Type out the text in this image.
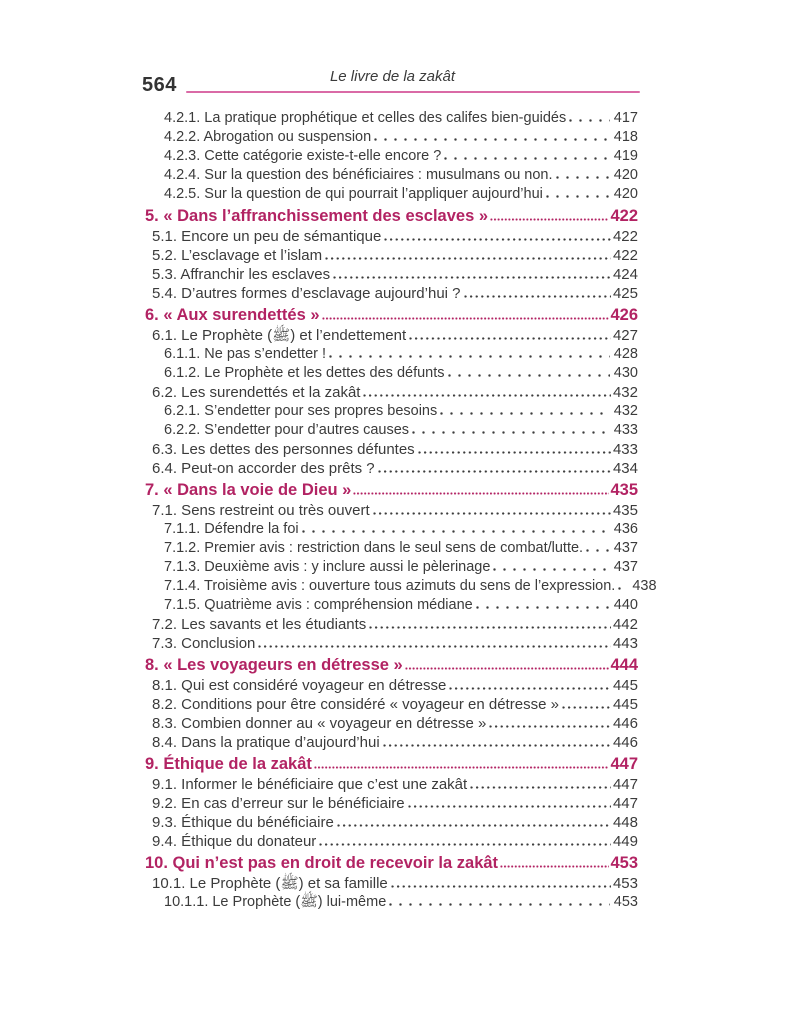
564	Le livre de la zakât
4.2.1. La pratique prophétique et celles des califes bien-guidés	417
4.2.2. Abrogation ou suspension	418
4.2.3. Cette catégorie existe-t-elle encore ?	419
4.2.4. Sur la question des bénéficiaires : musulmans ou non.	420
4.2.5. Sur la question de qui pourrait l’appliquer aujourd’hui	420
5. « Dans l’affranchissement des esclaves »	422
5.1. Encore un peu de sémantique	422
5.2. L’esclavage et l’islam	422
5.3. Affranchir les esclaves	424
5.4. D’autres formes d’esclavage aujourd’hui ?	425
6. « Aux surendettés »	426
6.1. Le Prophète (ﷺ) et l’endettement	427
6.1.1. Ne pas s’endetter !	428
6.1.2. Le Prophète et les dettes des défunts	430
6.2. Les surendettés et la zakât	432
6.2.1. S’endetter pour ses propres besoins	432
6.2.2. S’endetter pour d’autres causes	433
6.3. Les dettes des personnes défuntes	433
6.4. Peut-on accorder des prêts ?	434
7. « Dans la voie de Dieu »	435
7.1. Sens restreint ou très ouvert	435
7.1.1. Défendre la foi	436
7.1.2. Premier avis : restriction dans le seul sens de combat/lutte. 437
7.1.3. Deuxième avis : y inclure aussi le pèlerinage	437
7.1.4. Troisième avis : ouverture tous azimuts du sens de l’expression. 438
7.1.5. Quatrième avis : compréhension médiane	440
7.2. Les savants et les étudiants	442
7.3. Conclusion	443
8. « Les voyageurs en détresse »	444
8.1. Qui est considéré voyageur en détresse	445
8.2. Conditions pour être considéré « voyageur en détresse »	445
8.3. Combien donner au « voyageur en détresse »	446
8.4. Dans la pratique d’aujourd’hui	446
9. Éthique de la zakât	447
9.1. Informer le bénéficiaire que c’est une zakât	447
9.2. En cas d’erreur sur le bénéficiaire	447
9.3. Éthique du bénéficiaire	448
9.4. Éthique du donateur	449
10. Qui n’est pas en droit de recevoir la zakât	453
10.1. Le Prophète (ﷺ) et sa famille	453
10.1.1. Le Prophète (ﷺ) lui-même	453
